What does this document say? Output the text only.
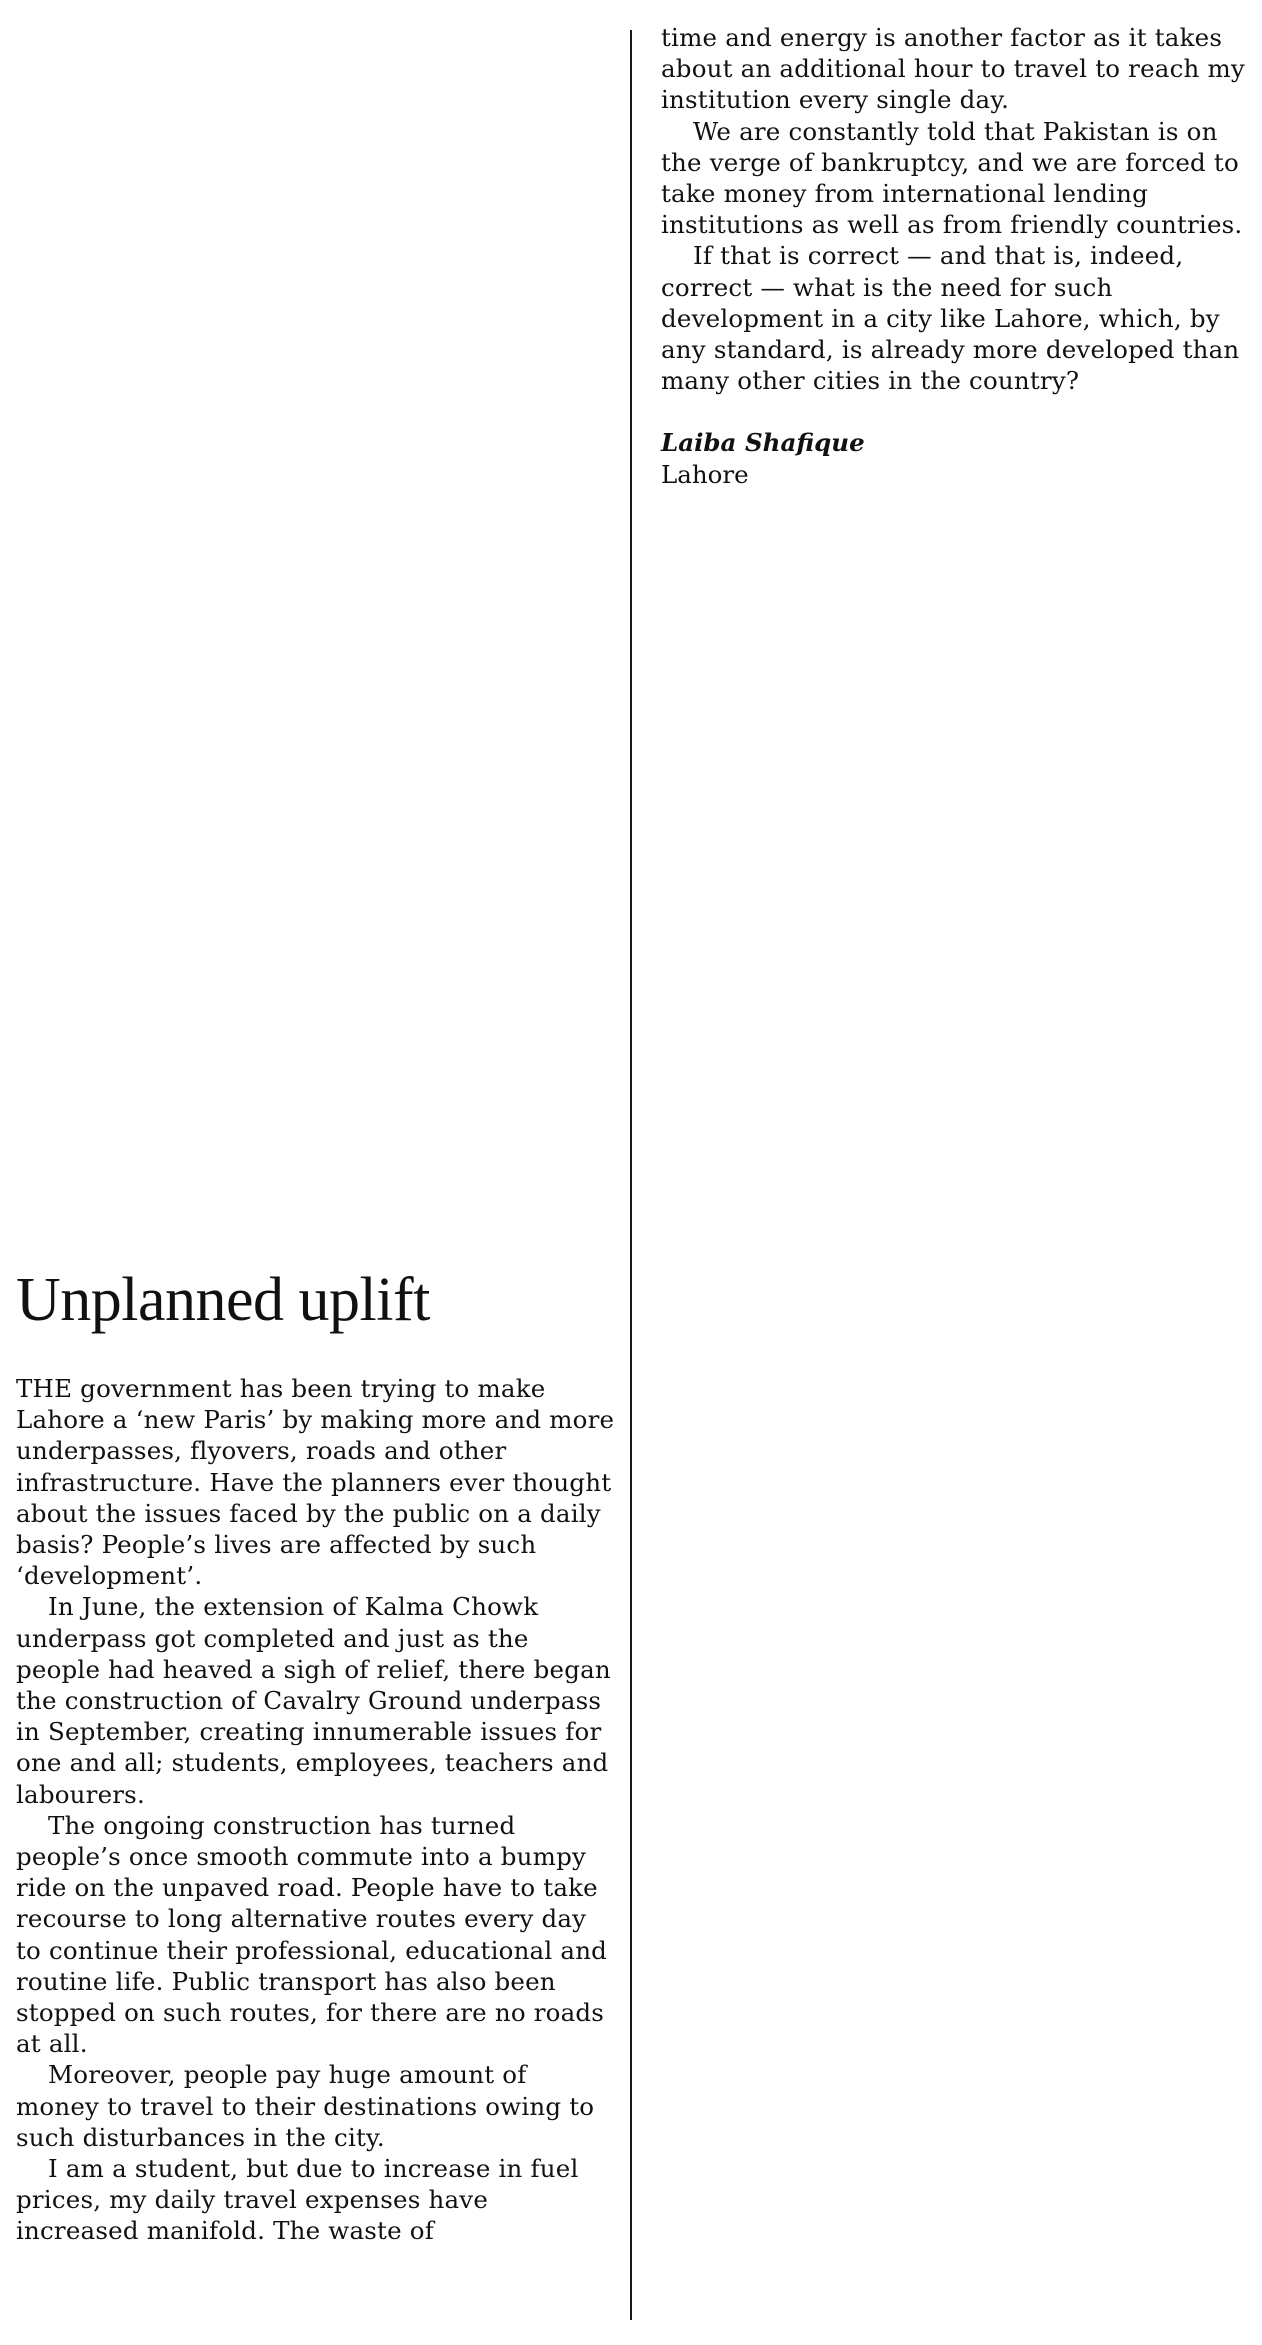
time and energy is another factor as it takes about an additional hour to travel to reach my institution every single day.

We are constantly told that Pakistan is on the verge of bankruptcy, and we are forced to take money from international lending institutions as well as from friendly countries.

If that is correct — and that is, indeed, correct — what is the need for such development in a city like Lahore, which, by any standard, is already more developed than many other cities in the country?

Laiba Shafique

Lahore

Unplanned uplift

THE government has been trying to make Lahore a ‘new Paris’ by making more and more underpasses, flyovers, roads and other infrastructure. Have the planners ever thought about the issues faced by the public on a daily basis? People’s lives are affected by such ‘development’.

In June, the extension of Kalma Chowk underpass got completed and just as the people had heaved a sigh of relief, there began the construction of Cavalry Ground underpass in September, creating innumerable issues for one and all; students, employees, teachers and labourers.

The ongoing construction has turned people’s once smooth commute into a bumpy ride on the unpaved road. People have to take recourse to long alternative routes every day to continue their professional, educational and routine life. Public transport has also been stopped on such routes, for there are no roads at all.

Moreover, people pay huge amount of money to travel to their destinations owing to such disturbances in the city.

I am a student, but due to increase in fuel prices, my daily travel expenses have increased manifold. The waste of
